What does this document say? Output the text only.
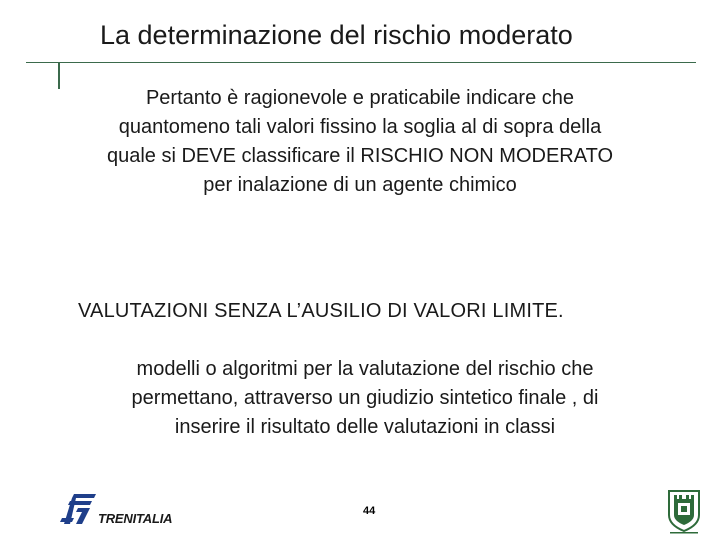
La determinazione del rischio moderato
Pertanto è ragionevole e praticabile indicare che
quantomeno tali valori fissino la soglia al di sopra della
quale si DEVE classificare il RISCHIO NON MODERATO
per inalazione di un agente chimico
VALUTAZIONI SENZA L’AUSILIO DI VALORI LIMITE.
modelli o algoritmi per la valutazione del rischio che
permettano, attraverso un giudizio sintetico finale , di
inserire il risultato delle valutazioni in classi
TRENITALIA	44
